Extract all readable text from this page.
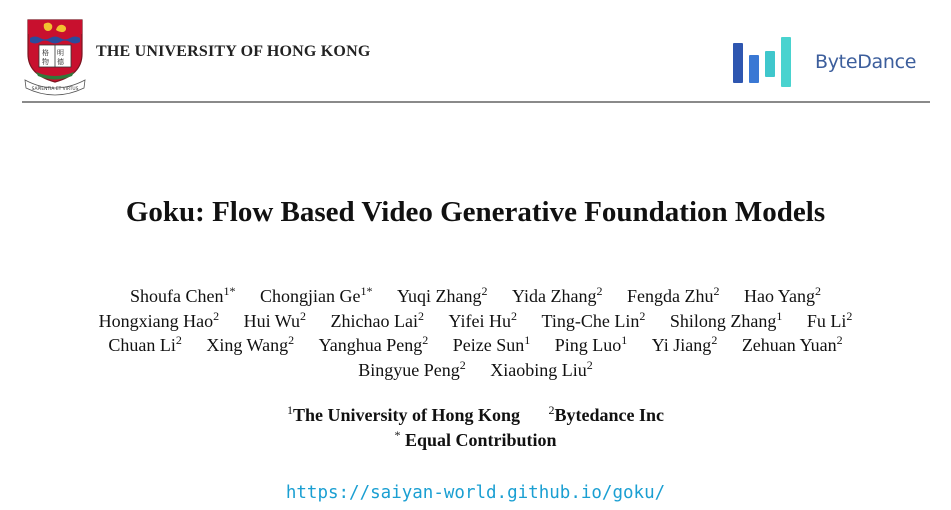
格 明
物 德
SAPIENTIA ET VIRTUS
THE UNIVERSITY OF HONG KONG	ByteDance
Goku: Flow Based Video Generative Foundation Models
Shoufa Chen$^{1*}$ Chongjian $Ge^{1*}$ Yuqi Zhang$^2$ Yida Zhang$^2$ Fengda Zhu$^2$ Hao Yang$^2$
Hongxiang Hao$^2$ Hui Wu$^2$ Zhichao Lai$^2$ Yifei Hu$^2$ Ting-Che Lin$^2$ Shilong Zhang$^1$ Fu Li$^2$
Chuan Li$^2$ Xing Wang$^2$ Yanghua Peng$^2$ Peize Sun$^1$ Ping Luo$^1$ Yi Jiang$^2$ Zehuan Yuan$^2$
Bingyue Peng$^2$ Xiaobing Liu$^2$
$^1$The University of Hong Kong $^2$Bytedance Inc
* Equal Contribution
https://saiyan-world.github.io/goku/
